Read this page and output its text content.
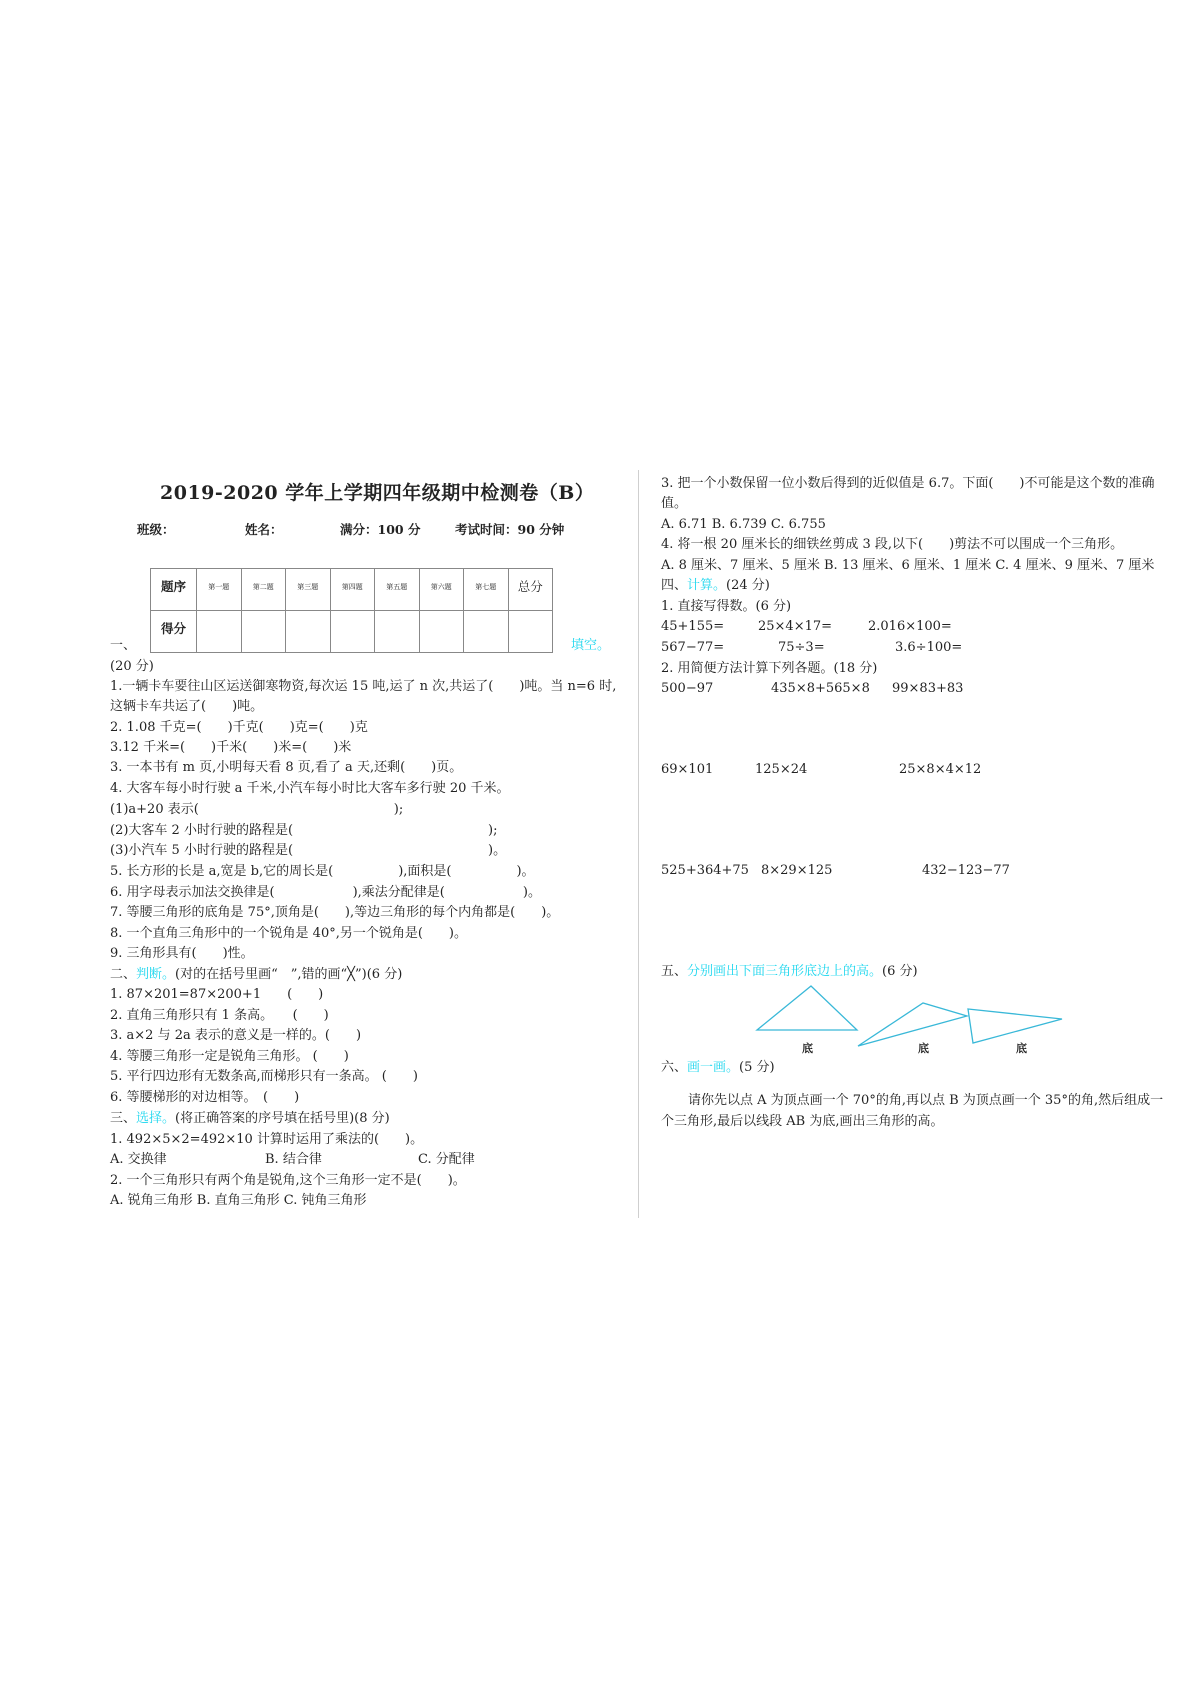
2019-2020 学年上学期四年级期中检测卷（B）
班级：	姓名：	满分：100 分	考试时间：90 分钟
题序	第一题	第二题	第三题	第四题	第五题	第六题	第七题	总分
得分								
一、	填空。
(20 分)
1.一辆卡车要往山区运送御寒物资,每次运 15 吨,运了 n 次,共运了(　　)吨。当 n=6 时,
这辆卡车共运了(　　)吨。
2. 1.08 千克=(　　)千克(　　)克=(　　)克
3.12 千米=(　　)千米(　　)米=(　　)米
3. 一本书有 m 页,小明每天看 8 页,看了 a 天,还剩(　　)页。
4. 大客车每小时行驶 a 千米,小汽车每小时比大客车多行驶 20 千米。
(1)a+20 表示(　　　　　　　　　　　　　　　);
(2)大客车 2 小时行驶的路程是(　　　　　　　　　　　　　　　);
(3)小汽车 5 小时行驶的路程是(　　　　　　　　　　　　　　　)。
5. 长方形的长是 a,宽是 b,它的周长是(　　　　　),面积是(　　　　　)。
6. 用字母表示加法交换律是(　　　　　　),乘法分配律是(　　　　　　)。
7. 等腰三角形的底角是 75°,顶角是(　　),等边三角形的每个内角都是(　　)。
8. 一个直角三角形中的一个锐角是 40°,另一个锐角是(　　)。
9. 三角形具有(　　)性。
二、判断。(对的在括号里画“　”,错的画“╳”)(6 分)
1. 87×201=87×200+1　　(　　)
2. 直角三角形只有 1 条高。　　(　　)
3. a×2 与 2a 表示的意义是一样的。(　　)
4. 等腰三角形一定是锐角三角形。 (　　)
5. 平行四边形有无数条高,而梯形只有一条高。 (　　)
6. 等腰梯形的对边相等。　(　　)
三、选择。(将正确答案的序号填在括号里)(8 分)
1. 492×5×2=492×10 计算时运用了乘法的(　　)。
A. 交换律	B. 结合律	C. 分配律
2. 一个三角形只有两个角是锐角,这个三角形一定不是(　　)。
A. 锐角三角形 B. 直角三角形 C. 钝角三角形
3. 把一个小数保留一位小数后得到的近似值是 6.7。下面(　　)不可能是这个数的准确
值。
A. 6.71 B. 6.739 C. 6.755
4. 将一根 20 厘米长的细铁丝剪成 3 段,以下(　　)剪法不可以围成一个三角形。
A. 8 厘米、7 厘米、5 厘米 B. 13 厘米、6 厘米、1 厘米 C. 4 厘米、9 厘米、7 厘米
四、计算。(24 分)
1. 直接写得数。(6 分)
45+155=	25×4×17=	2.016×100=
567−77=	75÷3=	3.6÷100=
2. 用简便方法计算下列各题。(18 分)
500−97	435×8+565×8 99×83+83
69×101	125×24	25×8×4×12
525+364+75 8×29×125	432−123−77
五、分别画出下面三角形底边上的高。(6 分)
底	底	底
六、画一画。(5 分)
请你先以点 A 为顶点画一个 70°的角,再以点 B 为顶点画一个 35°的角,然后组成一
个三角形,最后以线段 AB 为底,画出三角形的高。
